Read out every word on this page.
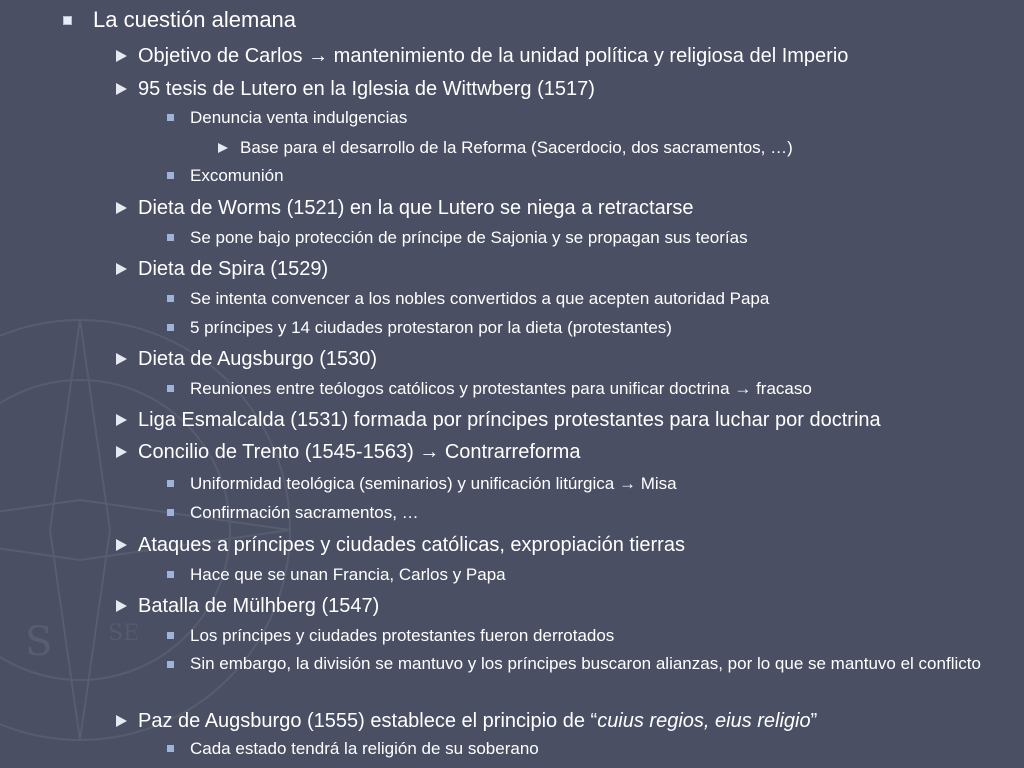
S	SE
La cuestión alemana
Objetivo de Carlos → mantenimiento de la unidad política y religiosa del Imperio
95 tesis de Lutero en la Iglesia de Wittwberg (1517)
Denuncia venta indulgencias
Base para el desarrollo de la Reforma (Sacerdocio, dos sacramentos, …)
Excomunión
Dieta de Worms (1521) en la que Lutero se niega a retractarse
Se pone bajo protección de príncipe de Sajonia y se propagan sus teorías
Dieta de Spira (1529)
Se intenta convencer a los nobles convertidos a que acepten autoridad Papa
5 príncipes y 14 ciudades protestaron por la dieta (protestantes)
Dieta de Augsburgo (1530)
Reuniones entre teólogos católicos y protestantes para unificar doctrina → fracaso
Liga Esmalcalda (1531) formada por príncipes protestantes para luchar por doctrina
Concilio de Trento (1545-1563) → Contrarreforma
Uniformidad teológica (seminarios) y unificación litúrgica → Misa
Confirmación sacramentos, …
Ataques a príncipes y ciudades católicas, expropiación tierras
Hace que se unan Francia, Carlos y Papa
Batalla de Mülhberg (1547)
Los príncipes y ciudades protestantes fueron derrotados
Sin embargo, la división se mantuvo y los príncipes buscaron alianzas, por lo que se mantuvo el conflicto
Paz de Augsburgo (1555) establece el principio de “cuius regios, eius religio”
Cada estado tendrá la religión de su soberano
